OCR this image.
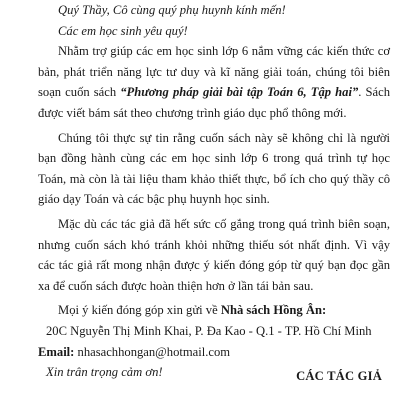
Quý Thầy, Cô cùng quý phụ huynh kính mến!

Các em học sinh yêu quý!

Nhằm trợ giúp các em học sinh lớp 6 nắm vững các kiến thức cơ bản, phát triển năng lực tư duy và kĩ năng giải toán, chúng tôi biên soạn cuốn sách “Phương pháp giải bài tập Toán 6, Tập hai”. Sách được viết bám sát theo chương trình giáo dục phổ thông mới.

Chúng tôi thực sự tin rằng cuốn sách này sẽ không chỉ là người bạn đồng hành cùng các em học sinh lớp 6 trong quá trình tự học Toán, mà còn là tài liệu tham khảo thiết thực, bổ ích cho quý thầy cô giáo dạy Toán và các bậc phụ huynh học sinh.

Mặc dù các tác giả đã hết sức cố gắng trong quá trình biên soạn, nhưng cuốn sách khó tránh khỏi những thiếu sót nhất định. Vì vậy các tác giả rất mong nhận được ý kiến đóng góp từ quý bạn đọc gần xa để cuốn sách được hoàn thiện hơn ở lần tái bản sau.

Mọi ý kiến đóng góp xin gửi về Nhà sách Hồng Ân:

20C Nguyễn Thị Minh Khai, P. Đa Kao - Q.1 - TP. Hồ Chí Minh

Email: nhasachhongan@hotmail.com

Xin trân trọng cảm ơn!	CÁC TÁC GIẢ
